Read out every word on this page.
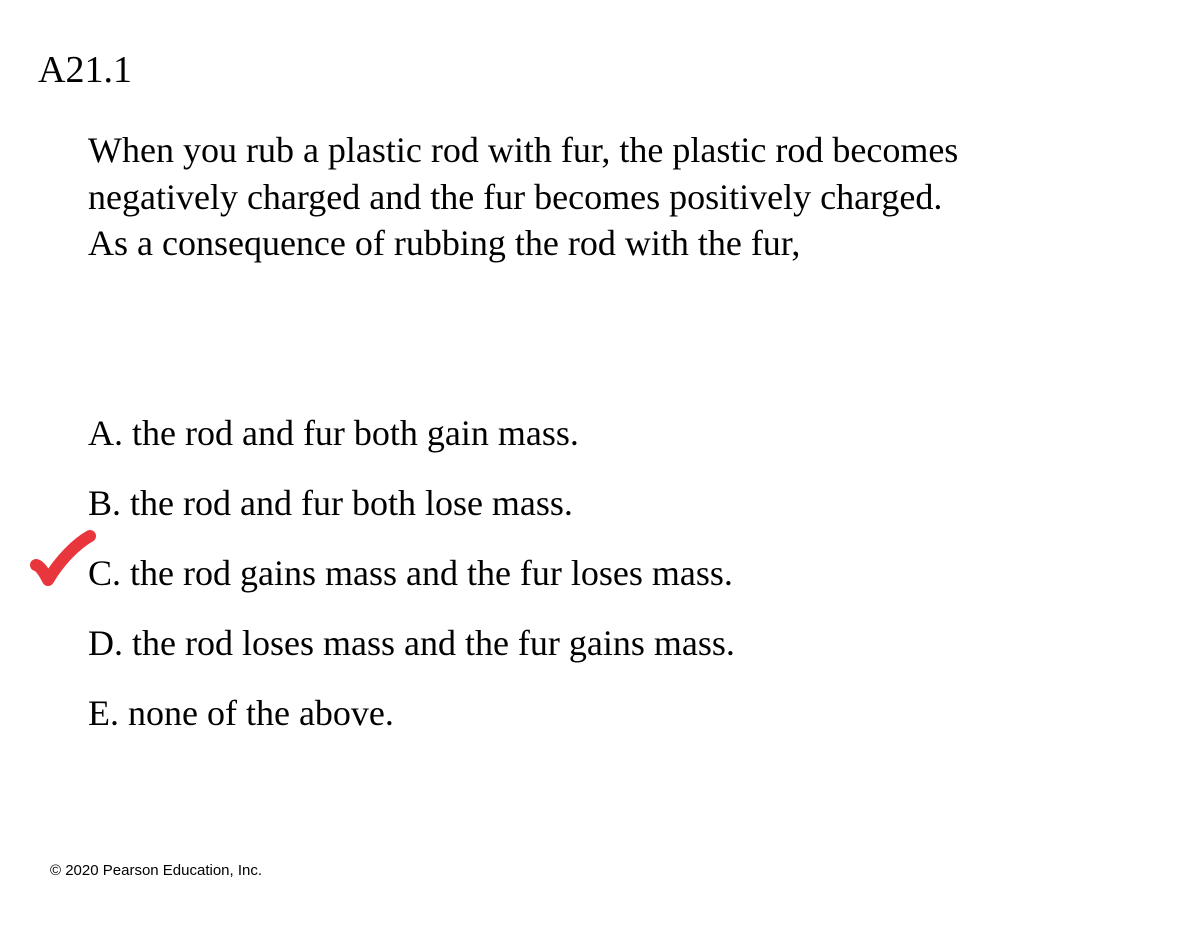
A21.1
When you rub a plastic rod with fur, the plastic rod becomes
negatively charged and the fur becomes positively charged.
As a consequence of rubbing the rod with the fur,
A. the rod and fur both gain mass.
B. the rod and fur both lose mass.
C. the rod gains mass and the fur loses mass.
D. the rod loses mass and the fur gains mass.
E. none of the above.
© 2020 Pearson Education, Inc.
